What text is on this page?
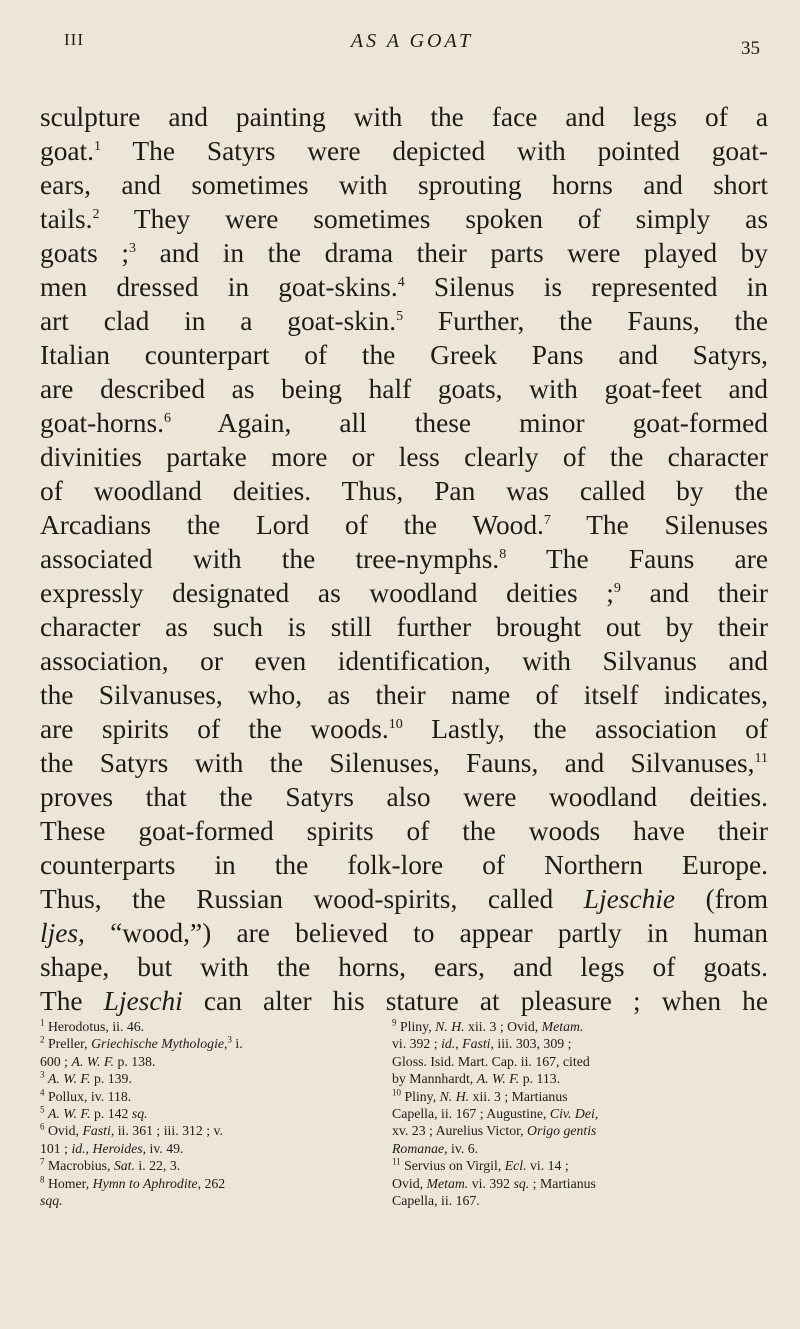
III	AS A GOAT	35
sculpture and painting with the face and legs of a
goat.$^1$ The Satyrs were depicted with pointed goat-
ears, and sometimes with sprouting horns and short
tails.$^2$ They were sometimes spoken of simply as
goats ;$^3$ and in the drama their parts were played by
men dressed in goat-skins.$^4$ Silenus is represented in
art clad in a goat-skin.$^5$ Further, the Fauns, the
Italian counterpart of the Greek Pans and Satyrs,
are described as being half goats, with goat-feet and
goat-horns.$^6$ Again, all these minor goat-formed
divinities partake more or less clearly of the character
of woodland deities. Thus, Pan was called by the
Arcadians the Lord of the Wood.$^7$ The Silenuses
associated with the tree-nymphs.$^8$ The Fauns are
expressly designated as woodland deities ;$^9$ and their
character as such is still further brought out by their
association, or even identification, with Silvanus and
the Silvanuses, who, as their name of itself indicates,
are spirits of the woods.$^{10}$ Lastly, the association of
the Satyrs with the Silenuses, Fauns, and Silvanuses,$^{11}$
proves that the Satyrs also were woodland deities.
These goat-formed spirits of the woods have their
counterparts in the folk-lore of Northern Europe.
Thus, the Russian wood-spirits, called Ljeschie (from
ljes, “wood,”) are believed to appear partly in human
shape, but with the horns, ears, and legs of goats.
The Ljeschi can alter his stature at pleasure ; when he
$^1$ Herodotus, ii. 46.
$^2$ Preller, Griechische Mythologie,$^3$ i.
600 ; A. W. F. p. 138.
$^3$ A. W. F. p. 139.
$^4$ Pollux, iv. 118.
$^5$ A. W. F. p. 142 sq.
$^6$ Ovid, Fasti, ii. 361 ; iii. 312 ; v.
101 ; id., Heroides, iv. 49.
$^7$ Macrobius, Sat. i. 22, 3.
$^8$ Homer, Hymn to Aphrodite, 262
sqq.
$^9$ Pliny, N. H. xii. 3 ; Ovid, Metam.
vi. 392 ; id., Fasti, iii. 303, 309 ;
Gloss. Isid. Mart. Cap. ii. 167, cited
by Mannhardt, A. W. F. p. 113.
$^{10}$ Pliny, N. H. xii. 3 ; Martianus
Capella, ii. 167 ; Augustine, Civ. Dei,
xv. 23 ; Aurelius Victor, Origo gentis
Romanae, iv. 6.
$^{11}$ Servius on Virgil, Ecl. vi. 14 ;
Ovid, Metam. vi. 392 sq. ; Martianus
Capella, ii. 167.
